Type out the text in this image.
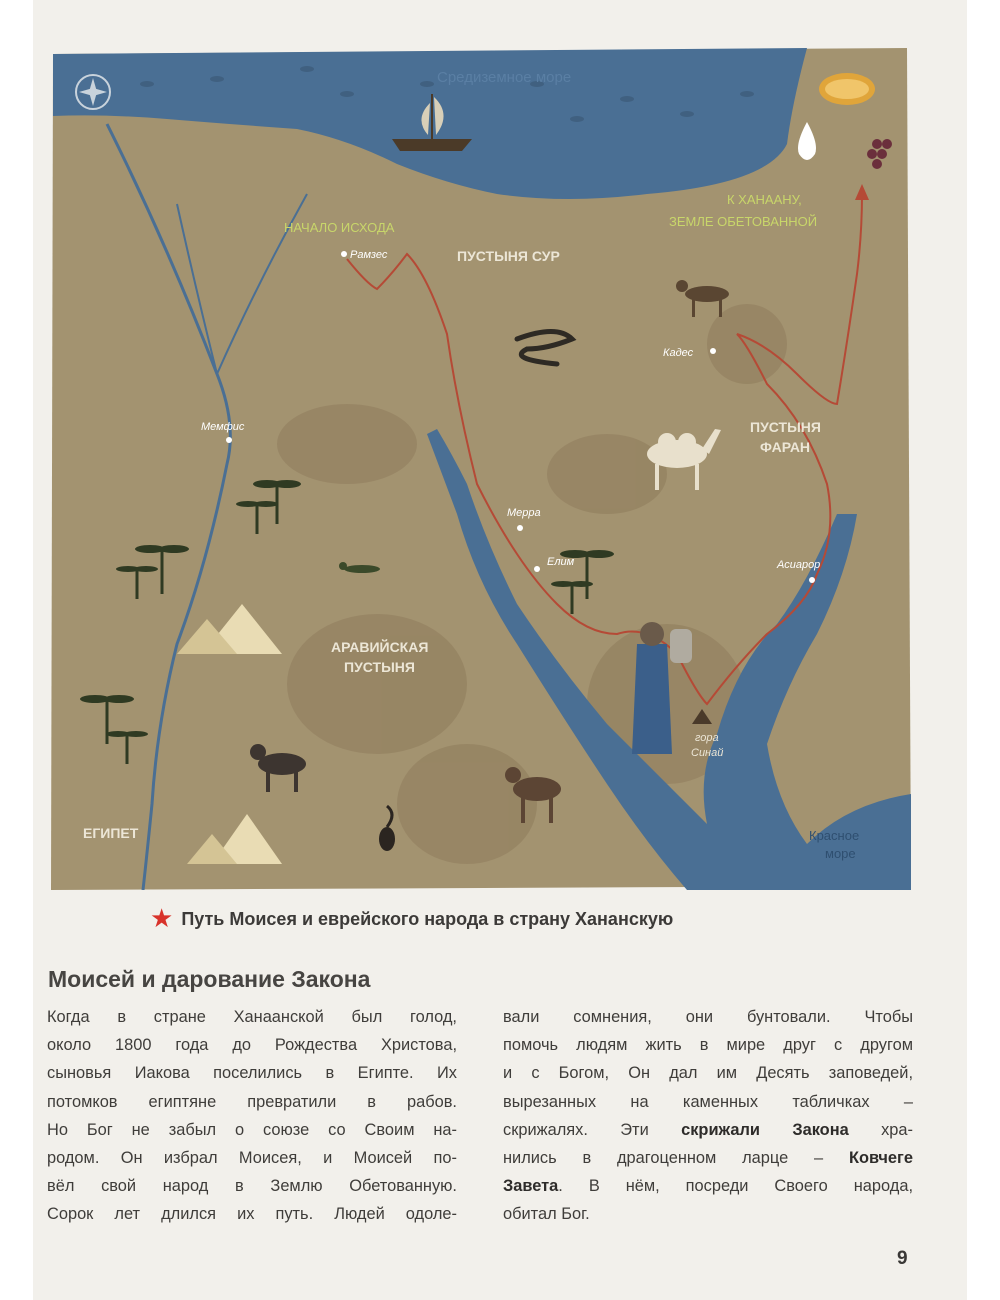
Средиземное море
ПУСТЫНЯ СУР
НАЧАЛО ИСХОДА
К ХАНААНУ,
ЗЕМЛЕ ОБЕТОВАННОЙ
ПУСТЫНЯ
ФАРАН
АРАВИЙСКАЯ
ПУСТЫНЯ
ЕГИПЕТ	Красное
море
Рамзес
Мемфис
Мерра
Елим
Кадес
Асиарор
гора
Синай
★ Путь Моисея и еврейского народа в страну Хананскую
Моисей и дарование Закона
Когда в стране Ханаанской был голод,
около 1800 года до Рождества Христова,
сыновья Иакова поселились в Египте. Их
потомков египтяне превратили в рабов.
Но Бог не забыл о союзе со Своим на-
родом. Он избрал Моисея, и Моисей по-
вёл свой народ в Землю Обетованную.
Сорок лет длился их путь. Людей одоле-
вали сомнения, они бунтовали. Чтобы
помочь людям жить в мире друг с другом
и с Богом, Он дал им Десять заповедей,
вырезанных на каменных табличках –
скрижалях. Эти скрижали Закона хра-
нились в драгоценном ларце – Ковчеге
Завета. В нём, посреди Своего народа,
обитал Бог.
9
